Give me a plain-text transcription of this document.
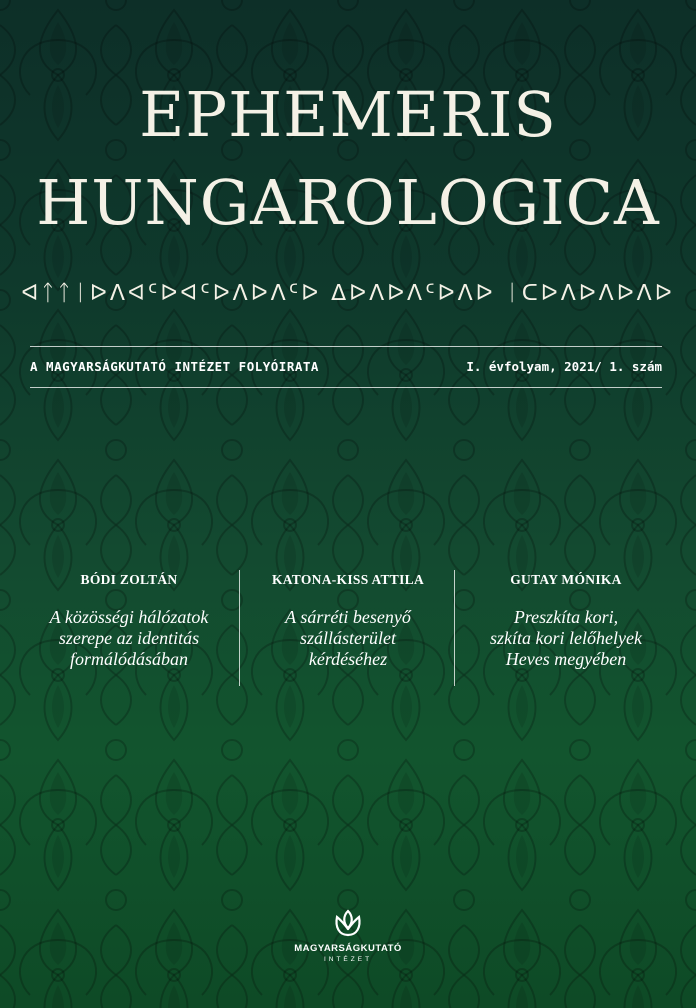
EPHEMERIS
HUNGAROLOGICA
ᐊᛏᛏᛁᐅᐱᐊᑦᐅᐊᑦᐅᐱᐅᐱᑦᐅ ᐃᐅᐱᐅᐱᑦᐅᐱᐅ ᛁᑕᐅᐱᐅᐱᐅᐱᐅ
A MAGYARSÁGKUTATÓ INTÉZET FOLYÓIRATA	I. évfolyam, 2021/ 1. szám
BÓDI ZOLTÁN

A közösségi hálózatok
szerepe az identitás
formálódásában

KATONA-KISS ATTILA

A sárréti besenyő
szállásterület
kérdéséhez

GUTAY MÓNIKA

Preszkíta kori,
szkíta kori lelőhelyek
Heves megyében

MAGYARSÁGKUTATÓ
INTÉZET
